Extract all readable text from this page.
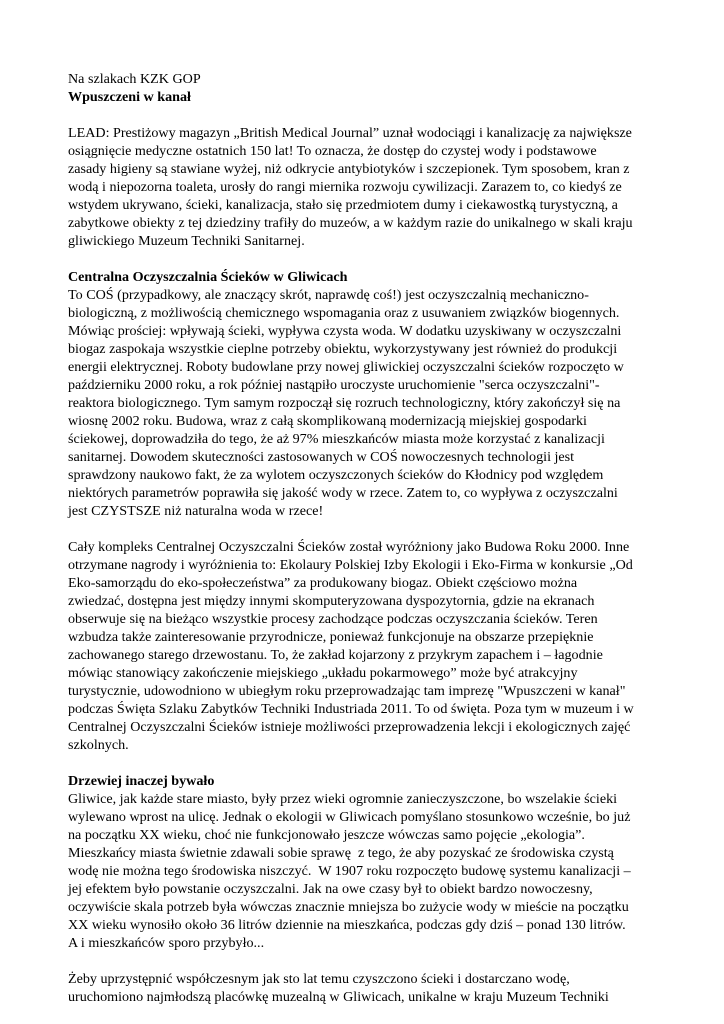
Na szlakach KZK GOP
Wpuszczeni w kanał
LEAD: Prestiżowy magazyn „British Medical Journal” uznał wodociągi i kanalizację za największe
osiągnięcie medyczne ostatnich 150 lat! To oznacza, że dostęp do czystej wody i podstawowe
zasady higieny są stawiane wyżej, niż odkrycie antybiotyków i szczepionek. Tym sposobem, kran z
wodą i niepozorna toaleta, urosły do rangi miernika rozwoju cywilizacji. Zarazem to, co kiedyś ze
wstydem ukrywano, ścieki, kanalizacja, stało się przedmiotem dumy i ciekawostką turystyczną, a
zabytkowe obiekty z tej dziedziny trafiły do muzeów, a w każdym razie do unikalnego w skali kraju
gliwickiego Muzeum Techniki Sanitarnej.
Centralna Oczyszczalnia Ścieków w Gliwicach
To COŚ (przypadkowy, ale znaczący skrót, naprawdę coś!) jest oczyszczalnią mechaniczno-
biologiczną, z możliwością chemicznego wspomagania oraz z usuwaniem związków biogennych.
Mówiąc prościej: wpływają ścieki, wypływa czysta woda. W dodatku uzyskiwany w oczyszczalni
biogaz zaspokaja wszystkie cieplne potrzeby obiektu, wykorzystywany jest również do produkcji
energii elektrycznej. Roboty budowlane przy nowej gliwickiej oczyszczalni ścieków rozpoczęto w
październiku 2000 roku, a rok później nastąpiło uroczyste uruchomienie "serca oczyszczalni"-
reaktora biologicznego. Tym samym rozpoczął się rozruch technologiczny, który zakończył się na
wiosnę 2002 roku. Budowa, wraz z całą skomplikowaną modernizacją miejskiej gospodarki
ściekowej, doprowadziła do tego, że aż 97% mieszkańców miasta może korzystać z kanalizacji
sanitarnej. Dowodem skuteczności zastosowanych w COŚ nowoczesnych technologii jest
sprawdzony naukowo fakt, że za wylotem oczyszczonych ścieków do Kłodnicy pod względem
niektórych parametrów poprawiła się jakość wody w rzece. Zatem to, co wypływa z oczyszczalni
jest CZYSTSZE niż naturalna woda w rzece!
Cały kompleks Centralnej Oczyszczalni Ścieków został wyróżniony jako Budowa Roku 2000. Inne
otrzymane nagrody i wyróżnienia to: Ekolaury Polskiej Izby Ekologii i Eko-Firma w konkursie „Od
Eko-samorządu do eko-społeczeństwa” za produkowany biogaz. Obiekt częściowo można
zwiedzać, dostępna jest między innymi skomputeryzowana dyspozytornia, gdzie na ekranach
obserwuje się na bieżąco wszystkie procesy zachodzące podczas oczyszczania ścieków. Teren
wzbudza także zainteresowanie przyrodnicze, ponieważ funkcjonuje na obszarze przepięknie
zachowanego starego drzewostanu. To, że zakład kojarzony z przykrym zapachem i – łagodnie
mówiąc stanowiący zakończenie miejskiego „układu pokarmowego” może być atrakcyjny
turystycznie, udowodniono w ubiegłym roku przeprowadzając tam imprezę "Wpuszczeni w kanał"
podczas Święta Szlaku Zabytków Techniki Industriada 2011. To od święta. Poza tym w muzeum i w
Centralnej Oczyszczalni Ścieków istnieje możliwości przeprowadzenia lekcji i ekologicznych zajęć
szkolnych.
Drzewiej inaczej bywało
Gliwice, jak każde stare miasto, były przez wieki ogromnie zanieczyszczone, bo wszelakie ścieki
wylewano wprost na ulicę. Jednak o ekologii w Gliwicach pomyślano stosunkowo wcześnie, bo już
na początku XX wieku, choć nie funkcjonowało jeszcze wówczas samo pojęcie „ekologia”.
Mieszkańcy miasta świetnie zdawali sobie sprawę  z tego, że aby pozyskać ze środowiska czystą
wodę nie można tego środowiska niszczyć.  W 1907 roku rozpoczęto budowę systemu kanalizacji –
jej efektem było powstanie oczyszczalni. Jak na owe czasy był to obiekt bardzo nowoczesny,
oczywiście skala potrzeb była wówczas znacznie mniejsza bo zużycie wody w mieście na początku
XX wieku wynosiło około 36 litrów dziennie na mieszkańca, podczas gdy dziś – ponad 130 litrów.
A i mieszkańców sporo przybyło...
Żeby uprzystępnić współczesnym jak sto lat temu czyszczono ścieki i dostarczano wodę,
uruchomiono najmłodszą placówkę muzealną w Gliwicach, unikalne w kraju Muzeum Techniki
